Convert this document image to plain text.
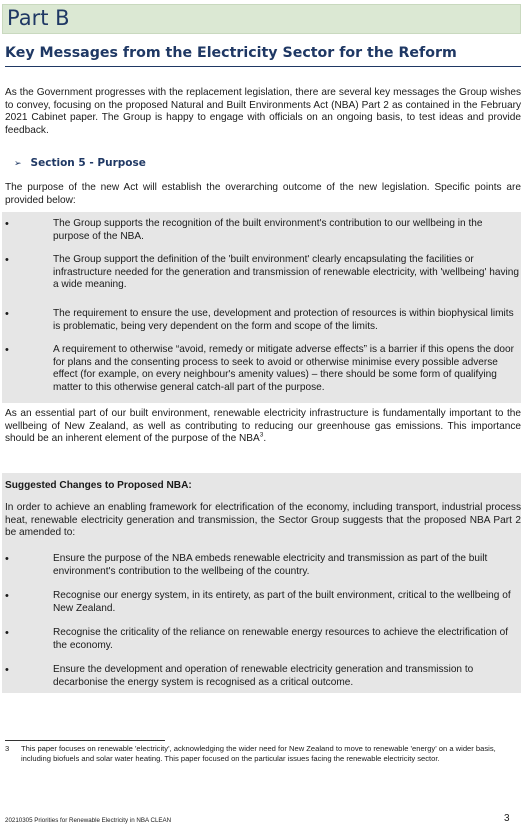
Part B
Key Messages from the Electricity Sector for the Reform

As the Government progresses with the replacement legislation, there are several key messages the Group wishes to convey, focusing on the proposed Natural and Built Environments Act (NBA) Part 2 as contained in the February 2021 Cabinet paper. The Group is happy to engage with officials on an ongoing basis, to test ideas and provide feedback.

➢ Section 5 - Purpose

The purpose of the new Act will establish the overarching outcome of the new legislation. Specific points are provided below:

•	The Group supports the recognition of the built environment's contribution to our wellbeing in the purpose of the NBA.

•	The Group support the definition of the 'built environment' clearly encapsulating the facilities or infrastructure needed for the generation and transmission of renewable electricity, with 'wellbeing' having a wide meaning.

•	The requirement to ensure the use, development and protection of resources is within biophysical limits is problematic, being very dependent on the form and scope of the limits.

•	A requirement to otherwise “avoid, remedy or mitigate adverse effects” is a barrier if this opens the door for plans and the consenting process to seek to avoid or otherwise minimise every possible adverse effect (for example, on every neighbour's amenity values) – there should be some form of qualifying matter to this otherwise general catch-all part of the purpose.

As an essential part of our built environment, renewable electricity infrastructure is fundamentally important to the wellbeing of New Zealand, as well as contributing to reducing our greenhouse gas emissions. This importance should be an inherent element of the purpose of the NBA$^3$.

•	Ensure the purpose of the NBA embeds renewable electricity and transmission as part of the built environment's contribution to the wellbeing of the country.

•	Recognise our energy system, in its entirety, as part of the built environment, critical to the wellbeing of New Zealand.

•	Recognise the criticality of the reliance on renewable energy resources to achieve the electrification of the economy.

•	Ensure the development and operation of renewable electricity generation and transmission to decarbonise the energy system is recognised as a critical outcome.

Suggested Changes to Proposed NBA:

In order to achieve an enabling framework for electrification of the economy, including transport, industrial process heat, renewable electricity generation and transmission, the Sector Group suggests that the proposed NBA Part 2 be amended to:

3 This paper focuses on renewable 'electricity', acknowledging the wider need for New Zealand to move to renewable 'energy' on a wider basis, including biofuels and solar water heating. This paper focused on the particular issues facing the renewable electricity sector.

20210305 Priorities for Renewable Electricity in NBA CLEAN	3
